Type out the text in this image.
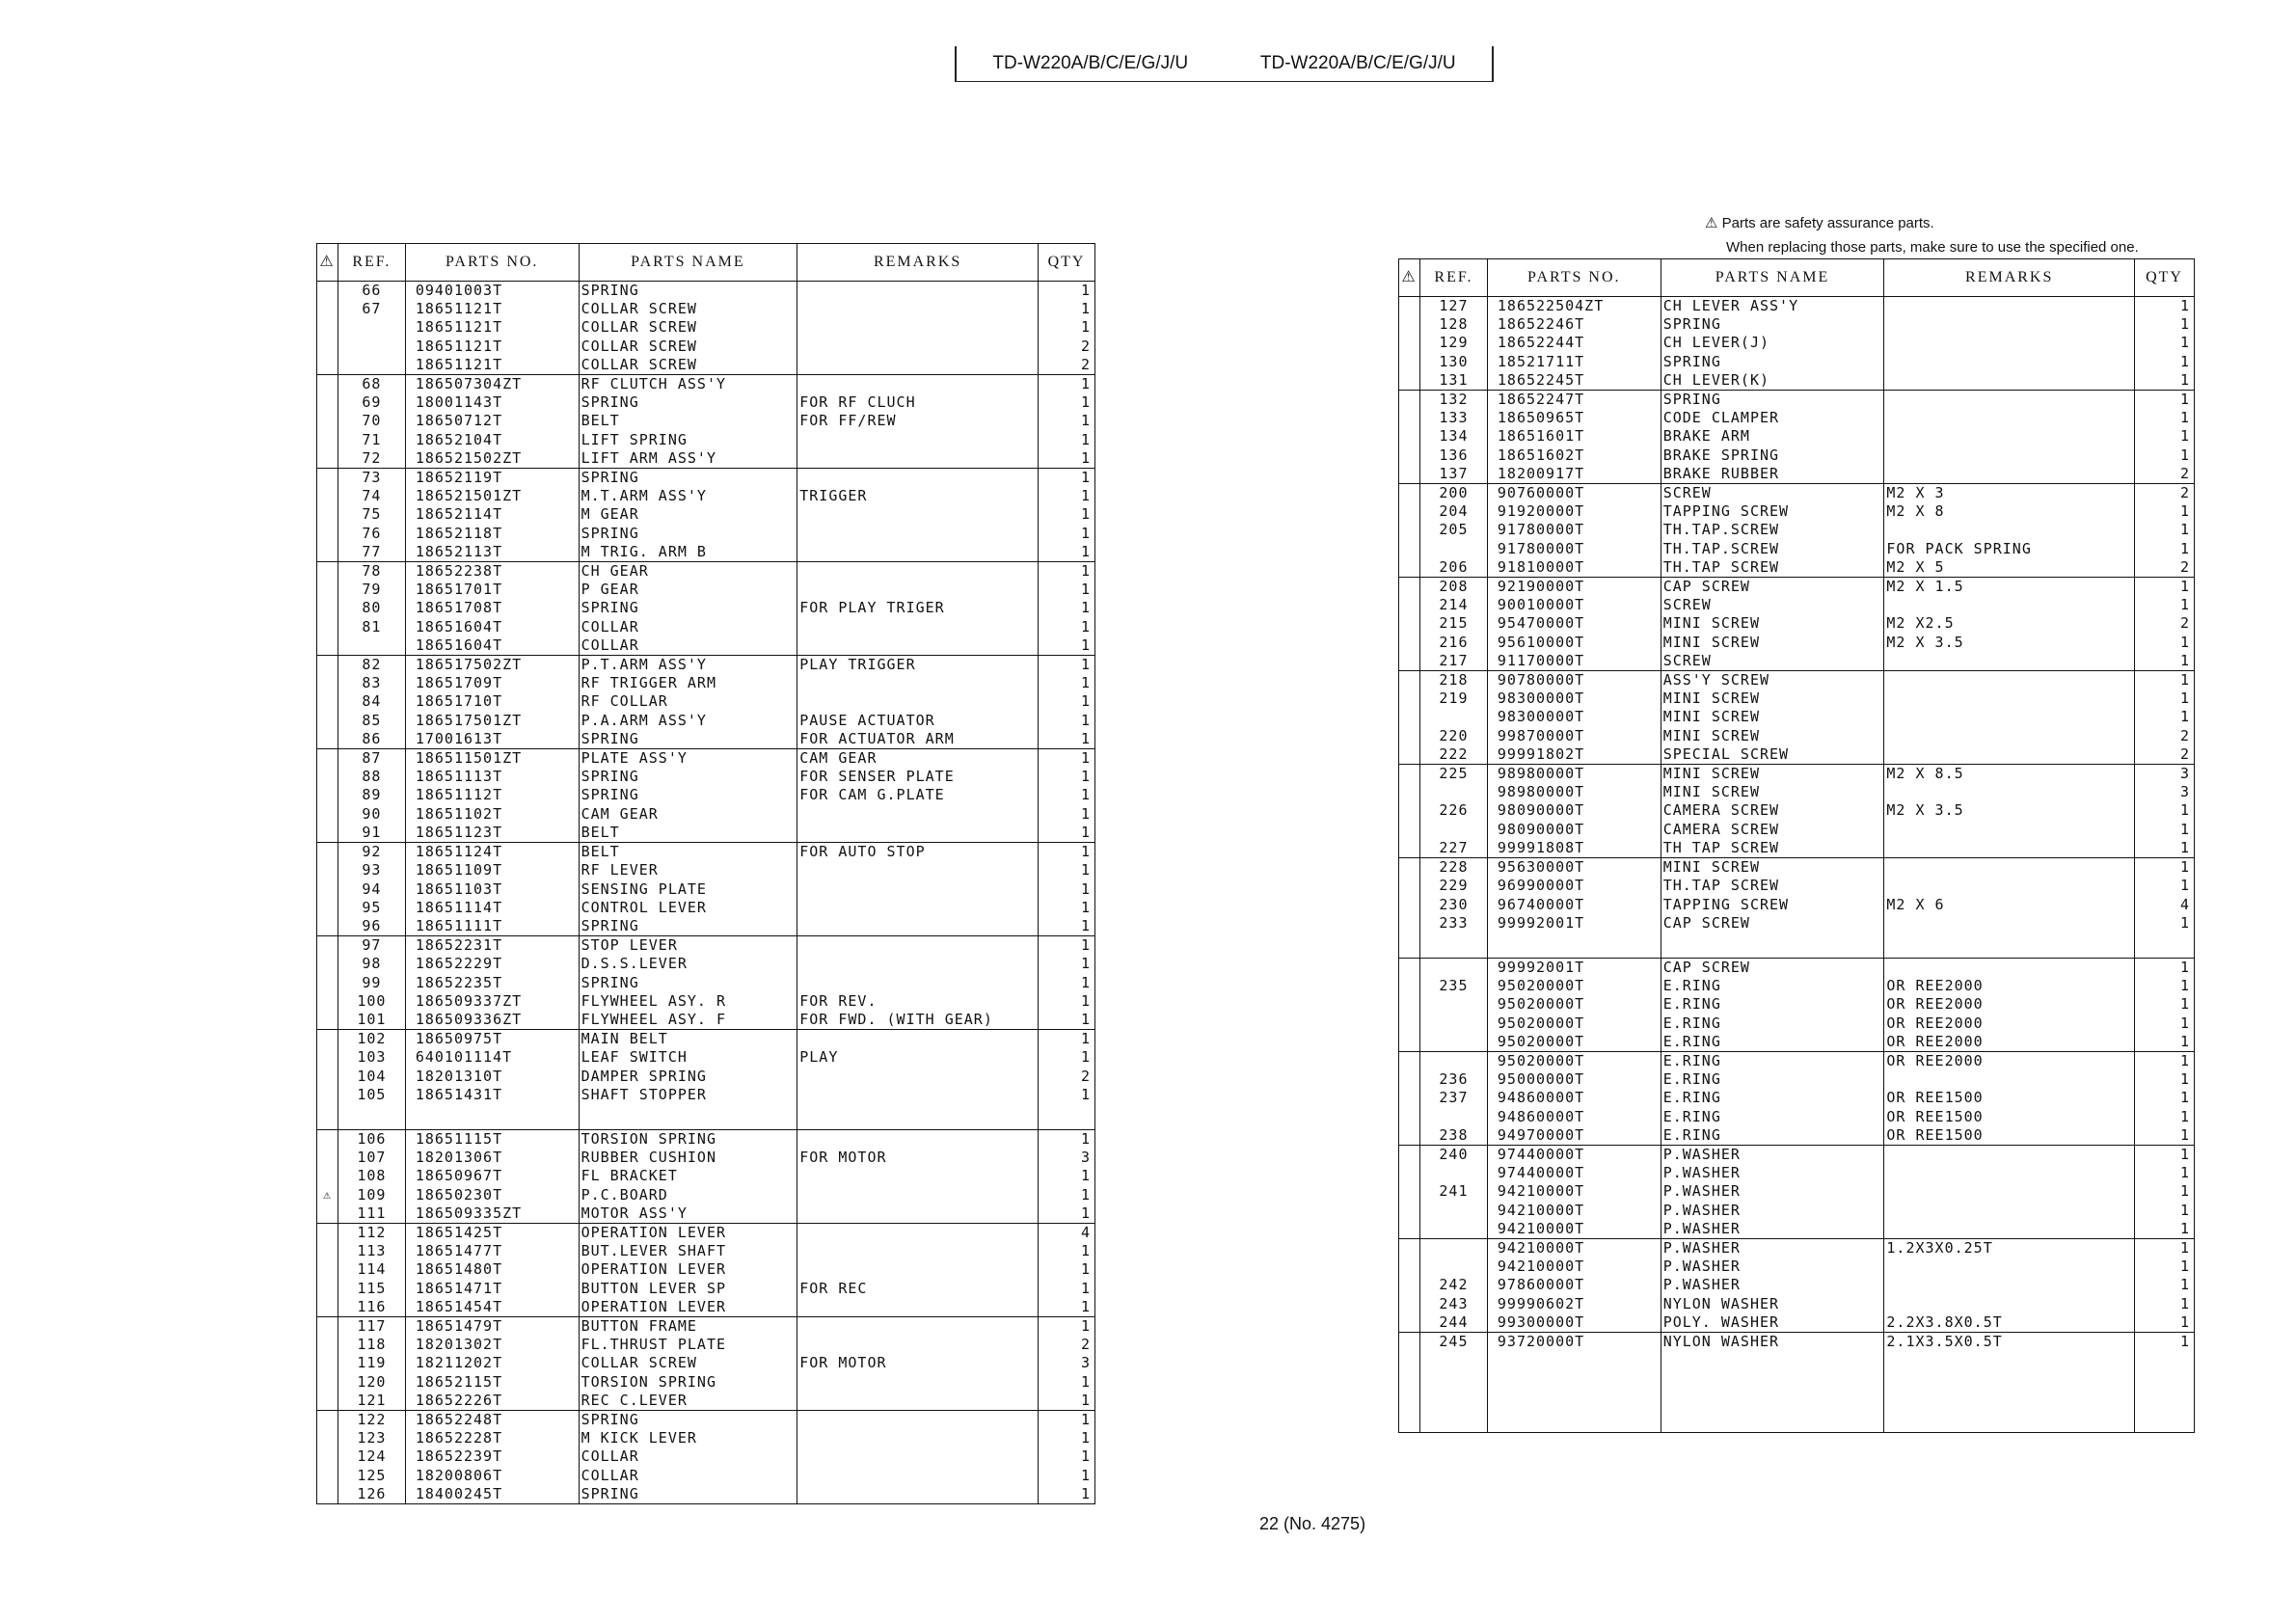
TD-W220A/B/C/E/G/J/U	TD-W220A/B/C/E/G/J/U
⚠ Parts are safety assurance parts.
When replacing those parts, make sure to use the specified one.
⚠	REF.	PARTS NO.	PARTS NAME	REMARKS	QTY
	66	09401003T	SPRING		1
	67	18651121T	COLLAR SCREW		1
		18651121T	COLLAR SCREW		1
		18651121T	COLLAR SCREW		2
		18651121T	COLLAR SCREW		2
	68	186507304ZT	RF CLUTCH ASS'Y		1
	69	18001143T	SPRING	FOR RF CLUCH	1
	70	18650712T	BELT	FOR FF/REW	1
	71	18652104T	LIFT SPRING		1
	72	186521502ZT	LIFT ARM ASS'Y		1
	73	18652119T	SPRING		1
	74	186521501ZT	M.T.ARM ASS'Y	TRIGGER	1
	75	18652114T	M GEAR		1
	76	18652118T	SPRING		1
	77	18652113T	M TRIG. ARM B		1
	78	18652238T	CH GEAR		1
	79	18651701T	P GEAR		1
	80	18651708T	SPRING	FOR PLAY TRIGER	1
	81	18651604T	COLLAR		1
		18651604T	COLLAR		1
	82	186517502ZT	P.T.ARM ASS'Y	PLAY TRIGGER	1
	83	18651709T	RF TRIGGER ARM		1
	84	18651710T	RF COLLAR		1
	85	186517501ZT	P.A.ARM ASS'Y	PAUSE ACTUATOR	1
	86	17001613T	SPRING	FOR ACTUATOR ARM	1
	87	186511501ZT	PLATE ASS'Y	CAM GEAR	1
	88	18651113T	SPRING	FOR SENSER PLATE	1
	89	18651112T	SPRING	FOR CAM G.PLATE	1
	90	18651102T	CAM GEAR		1
	91	18651123T	BELT		1
	92	18651124T	BELT	FOR AUTO STOP	1
	93	18651109T	RF LEVER		1
	94	18651103T	SENSING PLATE		1
	95	18651114T	CONTROL LEVER		1
	96	18651111T	SPRING		1
	97	18652231T	STOP LEVER		1
	98	18652229T	D.S.S.LEVER		1
	99	18652235T	SPRING		1
	100	186509337ZT	FLYWHEEL ASY. R	FOR REV.	1
	101	186509336ZT	FLYWHEEL ASY. F	FOR FWD. (WITH GEAR)	1
	102	18650975T	MAIN BELT		1
	103	640101114T	LEAF SWITCH	PLAY	1
	104	18201310T	DAMPER SPRING		2
	105	18651431T	SHAFT STOPPER		1

	106	18651115T	TORSION SPRING		1
	107	18201306T	RUBBER CUSHION	FOR MOTOR	3
	108	18650967T	FL BRACKET		1
⚠	109	18650230T	P.C.BOARD		1
	111	186509335ZT	MOTOR ASS'Y		1
	112	18651425T	OPERATION LEVER		4
	113	18651477T	BUT.LEVER SHAFT		1
	114	18651480T	OPERATION LEVER		1
	115	18651471T	BUTTON LEVER SP	FOR REC	1
	116	18651454T	OPERATION LEVER		1
	117	18651479T	BUTTON FRAME		1
	118	18201302T	FL.THRUST PLATE		2
	119	18211202T	COLLAR SCREW	FOR MOTOR	3
	120	18652115T	TORSION SPRING		1
	121	18652226T	REC C.LEVER		1
	122	18652248T	SPRING		1
	123	18652228T	M KICK LEVER		1
	124	18652239T	COLLAR		1
	125	18200806T	COLLAR		1
	126	18400245T	SPRING		1
⚠	REF.	PARTS NO.	PARTS NAME	REMARKS	QTY
	127	186522504ZT	CH LEVER ASS'Y		1
	128	18652246T	SPRING		1
	129	18652244T	CH LEVER(J)		1
	130	18521711T	SPRING		1
	131	18652245T	CH LEVER(K)		1
	132	18652247T	SPRING		1
	133	18650965T	CODE CLAMPER		1
	134	18651601T	BRAKE ARM		1
	136	18651602T	BRAKE SPRING		1
	137	18200917T	BRAKE RUBBER		2
	200	90760000T	SCREW	M2 X 3	2
	204	91920000T	TAPPING SCREW	M2 X 8	1
	205	91780000T	TH.TAP.SCREW		1
		91780000T	TH.TAP.SCREW	FOR PACK SPRING	1
	206	91810000T	TH.TAP SCREW	M2 X 5	2
	208	92190000T	CAP SCREW	M2 X 1.5	1
	214	90010000T	SCREW		1
	215	95470000T	MINI SCREW	M2 X2.5	2
	216	95610000T	MINI SCREW	M2 X 3.5	1
	217	91170000T	SCREW		1
	218	90780000T	ASS'Y SCREW		1
	219	98300000T	MINI SCREW		1
		98300000T	MINI SCREW		1
	220	99870000T	MINI SCREW		2
	222	99991802T	SPECIAL SCREW		2
	225	98980000T	MINI SCREW	M2 X 8.5	3
		98980000T	MINI SCREW		3
	226	98090000T	CAMERA SCREW	M2 X 3.5	1
		98090000T	CAMERA SCREW		1
	227	99991808T	TH TAP SCREW		1
	228	95630000T	MINI SCREW		1
	229	96990000T	TH.TAP SCREW		1
	230	96740000T	TAPPING SCREW	M2 X 6	4
	233	99992001T	CAP SCREW		1

		99992001T	CAP SCREW		1
	235	95020000T	E.RING	OR REE2000	1
		95020000T	E.RING	OR REE2000	1
		95020000T	E.RING	OR REE2000	1
		95020000T	E.RING	OR REE2000	1
		95020000T	E.RING	OR REE2000	1
	236	95000000T	E.RING		1
	237	94860000T	E.RING	OR REE1500	1
		94860000T	E.RING	OR REE1500	1
	238	94970000T	E.RING	OR REE1500	1
	240	97440000T	P.WASHER		1
		97440000T	P.WASHER		1
	241	94210000T	P.WASHER		1
		94210000T	P.WASHER		1
		94210000T	P.WASHER		1
		94210000T	P.WASHER	1.2X3X0.25T	1
		94210000T	P.WASHER		1
	242	97860000T	P.WASHER		1
	243	99990602T	NYLON WASHER		1
	244	99300000T	POLY. WASHER	2.2X3.8X0.5T	1
	245	93720000T	NYLON WASHER	2.1X3.5X0.5T	1

22 (No. 4275)
